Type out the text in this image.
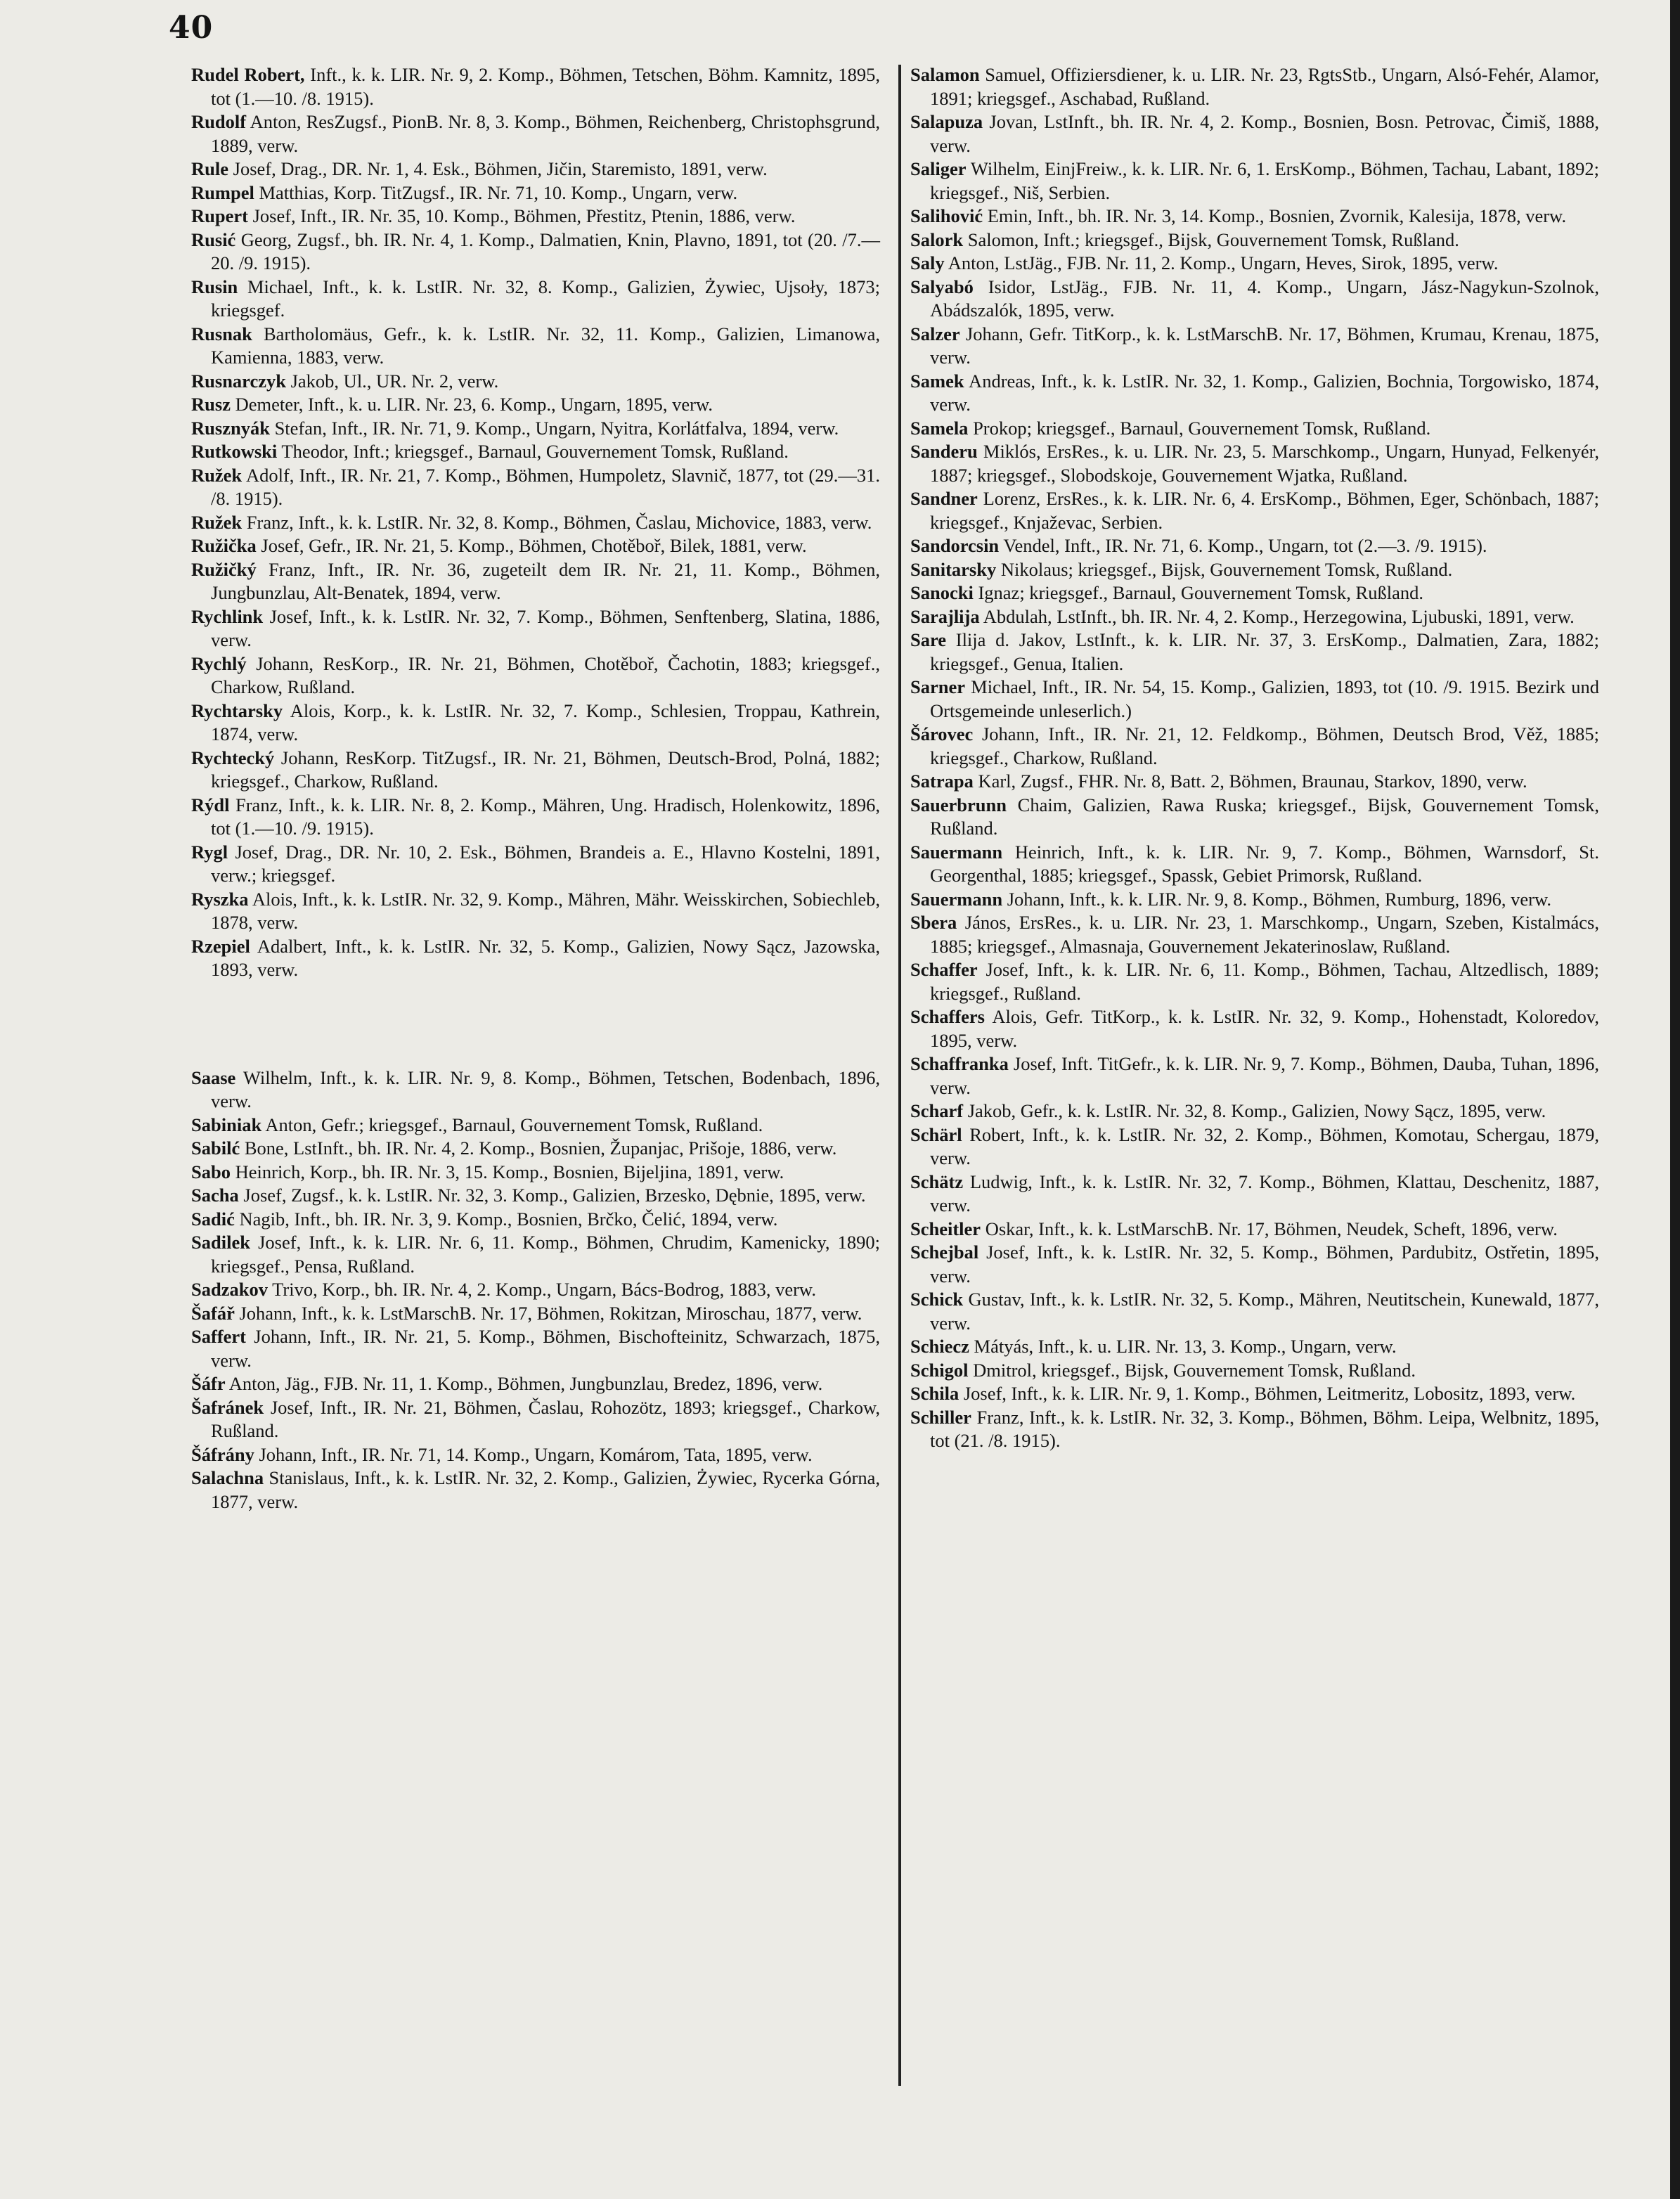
40

Rudel Robert, Inft., k. k. LIR. Nr. 9, 2. Komp., Böhmen, Tetschen, Böhm. Kamnitz, 1895, tot (1.—10. /8. 1915).

Rudolf Anton, ResZugsf., PionB. Nr. 8, 3. Komp., Böhmen, Reichenberg, Christophsgrund, 1889, verw.

Rule Josef, Drag., DR. Nr. 1, 4. Esk., Böhmen, Jičin, Staremisto, 1891, verw.

Rumpel Matthias, Korp. TitZugsf., IR. Nr. 71, 10. Komp., Ungarn, verw.

Rupert Josef, Inft., IR. Nr. 35, 10. Komp., Böhmen, Přestitz, Ptenin, 1886, verw.

Rusić Georg, Zugsf., bh. IR. Nr. 4, 1. Komp., Dalmatien, Knin, Plavno, 1891, tot (20. /7.—20. /9. 1915).

Rusin Michael, Inft., k. k. LstIR. Nr. 32, 8. Komp., Galizien, Żywiec, Ujsoły, 1873; kriegsgef.

Rusnak Bartholomäus, Gefr., k. k. LstIR. Nr. 32, 11. Komp., Galizien, Limanowa, Kamienna, 1883, verw.

Rusnarczyk Jakob, Ul., UR. Nr. 2, verw.

Rusz Demeter, Inft., k. u. LIR. Nr. 23, 6. Komp., Ungarn, 1895, verw.

Rusznyák Stefan, Inft., IR. Nr. 71, 9. Komp., Ungarn, Nyitra, Korlátfalva, 1894, verw.

Rutkowski Theodor, Inft.; kriegsgef., Barnaul, Gouvernement Tomsk, Rußland.

Ružek Adolf, Inft., IR. Nr. 21, 7. Komp., Böhmen, Humpoletz, Slavnič, 1877, tot (29.—31. /8. 1915).

Ružek Franz, Inft., k. k. LstIR. Nr. 32, 8. Komp., Böhmen, Časlau, Michovice, 1883, verw.

Ružička Josef, Gefr., IR. Nr. 21, 5. Komp., Böhmen, Chotěboř, Bilek, 1881, verw.

Ružičký Franz, Inft., IR. Nr. 36, zugeteilt dem IR. Nr. 21, 11. Komp., Böhmen, Jungbunzlau, Alt-Benatek, 1894, verw.

Rychlink Josef, Inft., k. k. LstIR. Nr. 32, 7. Komp., Böhmen, Senftenberg, Slatina, 1886, verw.

Rychlý Johann, ResKorp., IR. Nr. 21, Böhmen, Chotěboř, Čachotin, 1883; kriegsgef., Charkow, Rußland.

Rychtarsky Alois, Korp., k. k. LstIR. Nr. 32, 7. Komp., Schlesien, Troppau, Kathrein, 1874, verw.

Rychtecký Johann, ResKorp. TitZugsf., IR. Nr. 21, Böhmen, Deutsch-Brod, Polná, 1882; kriegsgef., Charkow, Rußland.

Rýdl Franz, Inft., k. k. LIR. Nr. 8, 2. Komp., Mähren, Ung. Hradisch, Holenkowitz, 1896, tot (1.—10. /9. 1915).

Rygl Josef, Drag., DR. Nr. 10, 2. Esk., Böhmen, Brandeis a. E., Hlavno Kostelni, 1891, verw.; kriegsgef.

Ryszka Alois, Inft., k. k. LstIR. Nr. 32, 9. Komp., Mähren, Mähr. Weisskirchen, Sobiechleb, 1878, verw.

Rzepiel Adalbert, Inft., k. k. LstIR. Nr. 32, 5. Komp., Galizien, Nowy Sącz, Jazowska, 1893, verw.

Saase Wilhelm, Inft., k. k. LIR. Nr. 9, 8. Komp., Böhmen, Tetschen, Bodenbach, 1896, verw.

Sabiniak Anton, Gefr.; kriegsgef., Barnaul, Gouvernement Tomsk, Rußland.

Sabilć Bone, LstInft., bh. IR. Nr. 4, 2. Komp., Bosnien, Županjac, Prišoje, 1886, verw.

Sabo Heinrich, Korp., bh. IR. Nr. 3, 15. Komp., Bosnien, Bijeljina, 1891, verw.

Sacha Josef, Zugsf., k. k. LstIR. Nr. 32, 3. Komp., Galizien, Brzesko, Dębnie, 1895, verw.

Sadić Nagib, Inft., bh. IR. Nr. 3, 9. Komp., Bosnien, Brčko, Čelić, 1894, verw.

Sadilek Josef, Inft., k. k. LIR. Nr. 6, 11. Komp., Böhmen, Chrudim, Kamenicky, 1890; kriegsgef., Pensa, Rußland.

Sadzakov Trivo, Korp., bh. IR. Nr. 4, 2. Komp., Ungarn, Bács-Bodrog, 1883, verw.

Šafář Johann, Inft., k. k. LstMarschB. Nr. 17, Böhmen, Rokitzan, Miroschau, 1877, verw.

Saffert Johann, Inft., IR. Nr. 21, 5. Komp., Böhmen, Bischofteinitz, Schwarzach, 1875, verw.

Šáfr Anton, Jäg., FJB. Nr. 11, 1. Komp., Böhmen, Jungbunzlau, Bredez, 1896, verw.

Šafránek Josef, Inft., IR. Nr. 21, Böhmen, Časlau, Rohozötz, 1893; kriegsgef., Charkow, Rußland.

Šáfrány Johann, Inft., IR. Nr. 71, 14. Komp., Ungarn, Komárom, Tata, 1895, verw.

Salachna Stanislaus, Inft., k. k. LstIR. Nr. 32, 2. Komp., Galizien, Żywiec, Rycerka Górna, 1877, verw.

Salamon Samuel, Offiziersdiener, k. u. LIR. Nr. 23, RgtsStb., Ungarn, Alsó-Fehér, Alamor, 1891; kriegsgef., Aschabad, Rußland.

Salapuza Jovan, LstInft., bh. IR. Nr. 4, 2. Komp., Bosnien, Bosn. Petrovac, Čimiš, 1888, verw.

Saliger Wilhelm, EinjFreiw., k. k. LIR. Nr. 6, 1. ErsKomp., Böhmen, Tachau, Labant, 1892; kriegsgef., Niš, Serbien.

Salihović Emin, Inft., bh. IR. Nr. 3, 14. Komp., Bosnien, Zvornik, Kalesija, 1878, verw.

Salork Salomon, Inft.; kriegsgef., Bijsk, Gouvernement Tomsk, Rußland.

Saly Anton, LstJäg., FJB. Nr. 11, 2. Komp., Ungarn, Heves, Sirok, 1895, verw.

Salyabó Isidor, LstJäg., FJB. Nr. 11, 4. Komp., Ungarn, Jász-Nagykun-Szolnok, Abádszalók, 1895, verw.

Salzer Johann, Gefr. TitKorp., k. k. LstMarschB. Nr. 17, Böhmen, Krumau, Krenau, 1875, verw.

Samek Andreas, Inft., k. k. LstIR. Nr. 32, 1. Komp., Galizien, Bochnia, Torgowisko, 1874, verw.

Samela Prokop; kriegsgef., Barnaul, Gouvernement Tomsk, Rußland.

Sanderu Miklós, ErsRes., k. u. LIR. Nr. 23, 5. Marschkomp., Ungarn, Hunyad, Felkenyér, 1887; kriegsgef., Slobodskoje, Gouvernement Wjatka, Rußland.

Sandner Lorenz, ErsRes., k. k. LIR. Nr. 6, 4. ErsKomp., Böhmen, Eger, Schönbach, 1887; kriegsgef., Knjaževac, Serbien.

Sandorcsin Vendel, Inft., IR. Nr. 71, 6. Komp., Ungarn, tot (2.—3. /9. 1915).

Sanitarsky Nikolaus; kriegsgef., Bijsk, Gouvernement Tomsk, Rußland.

Sanocki Ignaz; kriegsgef., Barnaul, Gouvernement Tomsk, Rußland.

Sarajlija Abdulah, LstInft., bh. IR. Nr. 4, 2. Komp., Herzegowina, Ljubuski, 1891, verw.

Sare Ilija d. Jakov, LstInft., k. k. LIR. Nr. 37, 3. ErsKomp., Dalmatien, Zara, 1882; kriegsgef., Genua, Italien.

Sarner Michael, Inft., IR. Nr. 54, 15. Komp., Galizien, 1893, tot (10. /9. 1915. Bezirk und Ortsgemeinde unleserlich.)

Šárovec Johann, Inft., IR. Nr. 21, 12. Feldkomp., Böhmen, Deutsch Brod, Věž, 1885; kriegsgef., Charkow, Rußland.

Satrapa Karl, Zugsf., FHR. Nr. 8, Batt. 2, Böhmen, Braunau, Starkov, 1890, verw.

Sauerbrunn Chaim, Galizien, Rawa Ruska; kriegsgef., Bijsk, Gouvernement Tomsk, Rußland.

Sauermann Heinrich, Inft., k. k. LIR. Nr. 9, 7. Komp., Böhmen, Warnsdorf, St. Georgenthal, 1885; kriegsgef., Spassk, Gebiet Primorsk, Rußland.

Sauermann Johann, Inft., k. k. LIR. Nr. 9, 8. Komp., Böhmen, Rumburg, 1896, verw.

Sbera János, ErsRes., k. u. LIR. Nr. 23, 1. Marschkomp., Ungarn, Szeben, Kistalmács, 1885; kriegsgef., Almasnaja, Gouvernement Jekaterinoslaw, Rußland.

Schaffer Josef, Inft., k. k. LIR. Nr. 6, 11. Komp., Böhmen, Tachau, Altzedlisch, 1889; kriegsgef., Rußland.

Schaffers Alois, Gefr. TitKorp., k. k. LstIR. Nr. 32, 9. Komp., Hohenstadt, Koloredov, 1895, verw.

Schaffranka Josef, Inft. TitGefr., k. k. LIR. Nr. 9, 7. Komp., Böhmen, Dauba, Tuhan, 1896, verw.

Scharf Jakob, Gefr., k. k. LstIR. Nr. 32, 8. Komp., Galizien, Nowy Sącz, 1895, verw.

Schärl Robert, Inft., k. k. LstIR. Nr. 32, 2. Komp., Böhmen, Komotau, Schergau, 1879, verw.

Schätz Ludwig, Inft., k. k. LstIR. Nr. 32, 7. Komp., Böhmen, Klattau, Deschenitz, 1887, verw.

Scheitler Oskar, Inft., k. k. LstMarschB. Nr. 17, Böhmen, Neudek, Scheft, 1896, verw.

Schejbal Josef, Inft., k. k. LstIR. Nr. 32, 5. Komp., Böhmen, Pardubitz, Ostřetin, 1895, verw.

Schick Gustav, Inft., k. k. LstIR. Nr. 32, 5. Komp., Mähren, Neutitschein, Kunewald, 1877, verw.

Schiecz Mátyás, Inft., k. u. LIR. Nr. 13, 3. Komp., Ungarn, verw.

Schigol Dmitrol, kriegsgef., Bijsk, Gouvernement Tomsk, Rußland.

Schila Josef, Inft., k. k. LIR. Nr. 9, 1. Komp., Böhmen, Leitmeritz, Lobositz, 1893, verw.

Schiller Franz, Inft., k. k. LstIR. Nr. 32, 3. Komp., Böhmen, Böhm. Leipa, Welbnitz, 1895, tot (21. /8. 1915).
